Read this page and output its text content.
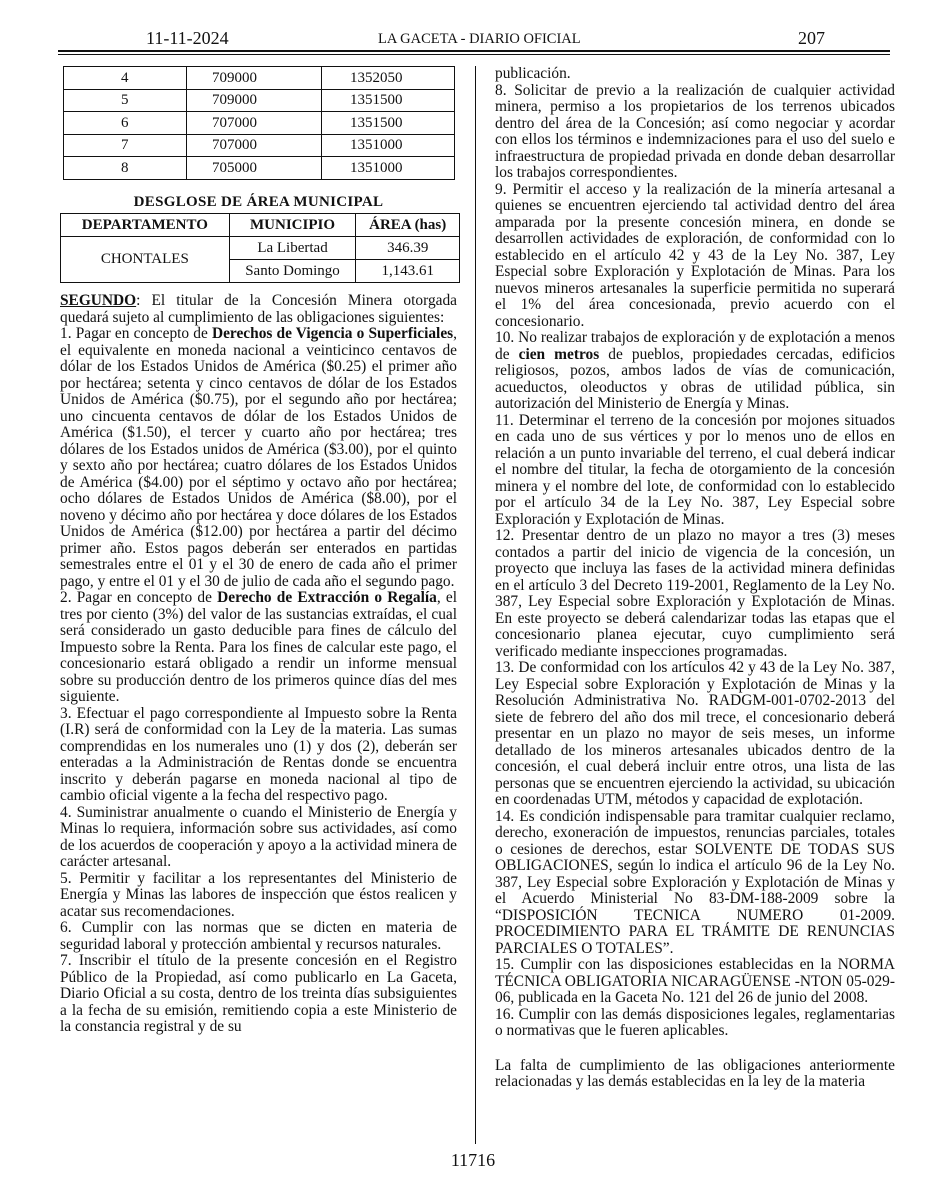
11-11-2024	LA GACETA - DIARIO OFICIAL	207
4	709000	1352050
5	709000	1351500
6	707000	1351500
7	707000	1351000
8	705000	1351000
DESGLOSE DE ÁREA MUNICIPAL
DEPARTAMENTO	MUNICIPIO	ÁREA (has)
CHONTALES	La Libertad	346.39
	Santo Domingo	1,143.61

SEGUNDO: El titular de la Concesión Minera otorgada quedará sujeto al cumplimiento de las obligaciones siguientes:

1. Pagar en concepto de Derechos de Vigencia o Superficiales, el equivalente en moneda nacional a veinticinco centavos de dólar de los Estados Unidos de América ($0.25) el primer año por hectárea; setenta y cinco centavos de dólar de los Estados Unidos de América ($0.75), por el segundo año por hectárea; uno cincuenta centavos de dólar de los Estados Unidos de América ($1.50), el tercer y cuarto año por hectárea; tres dólares de los Estados unidos de América ($3.00), por el quinto y sexto año por hectárea; cuatro dólares de los Estados Unidos de América ($4.00) por el séptimo y octavo año por hectárea; ocho dólares de Estados Unidos de América ($8.00), por el noveno y décimo año por hectárea y doce dólares de los Estados Unidos de América ($12.00) por hectárea a partir del décimo primer año. Estos pagos deberán ser enterados en partidas semestrales entre el 01 y el 30 de enero de cada año el primer pago, y entre el 01 y el 30 de julio de cada año el segundo pago.

2. Pagar en concepto de Derecho de Extracción o Regalía, el tres por ciento (3%) del valor de las sustancias extraídas, el cual será considerado un gasto deducible para fines de cálculo del Impuesto sobre la Renta. Para los fines de calcular este pago, el concesionario estará obligado a rendir un informe mensual sobre su producción dentro de los primeros quince días del mes siguiente.

3. Efectuar el pago correspondiente al Impuesto sobre la Renta (I.R) será de conformidad con la Ley de la materia. Las sumas comprendidas en los numerales uno (1) y dos (2), deberán ser enteradas a la Administración de Rentas donde se encuentra inscrito y deberán pagarse en moneda nacional al tipo de cambio oficial vigente a la fecha del respectivo pago.

4. Suministrar anualmente o cuando el Ministerio de Energía y Minas lo requiera, información sobre sus actividades, así como de los acuerdos de cooperación y apoyo a la actividad minera de carácter artesanal.

5. Permitir y facilitar a los representantes del Ministerio de Energía y Minas las labores de inspección que éstos realicen y acatar sus recomendaciones.

6. Cumplir con las normas que se dicten en materia de seguridad laboral y protección ambiental y recursos naturales.

7. Inscribir el título de la presente concesión en el Registro Público de la Propiedad, así como publicarlo en La Gaceta, Diario Oficial a su costa, dentro de los treinta días subsiguientes a la fecha de su emisión, remitiendo copia a este Ministerio de la constancia registral y de su

publicación.

8. Solicitar de previo a la realización de cualquier actividad minera, permiso a los propietarios de los terrenos ubicados dentro del área de la Concesión; así como negociar y acordar con ellos los términos e indemnizaciones para el uso del suelo e infraestructura de propiedad privada en donde deban desarrollar los trabajos correspondientes.

9. Permitir el acceso y la realización de la minería artesanal a quienes se encuentren ejerciendo tal actividad dentro del área amparada por la presente concesión minera, en donde se desarrollen actividades de exploración, de conformidad con lo establecido en el artículo 42 y 43 de la Ley No. 387, Ley Especial sobre Exploración y Explotación de Minas. Para los nuevos mineros artesanales la superficie permitida no superará el 1% del área concesionada, previo acuerdo con el concesionario.

10. No realizar trabajos de exploración y de explotación a menos de cien metros de pueblos, propiedades cercadas, edificios religiosos, pozos, ambos lados de vías de comunicación, acueductos, oleoductos y obras de utilidad pública, sin autorización del Ministerio de Energía y Minas.

11. Determinar el terreno de la concesión por mojones situados en cada uno de sus vértices y por lo menos uno de ellos en relación a un punto invariable del terreno, el cual deberá indicar el nombre del titular, la fecha de otorgamiento de la concesión minera y el nombre del lote, de conformidad con lo establecido por el artículo 34 de la Ley No. 387, Ley Especial sobre Exploración y Explotación de Minas.

12. Presentar dentro de un plazo no mayor a tres (3) meses contados a partir del inicio de vigencia de la concesión, un proyecto que incluya las fases de la actividad minera definidas en el artículo 3 del Decreto 119-2001, Reglamento de la Ley No. 387, Ley Especial sobre Exploración y Explotación de Minas. En este proyecto se deberá calendarizar todas las etapas que el concesionario planea ejecutar, cuyo cumplimiento será verificado mediante inspecciones programadas.

13. De conformidad con los artículos 42 y 43 de la Ley No. 387, Ley Especial sobre Exploración y Explotación de Minas y la Resolución Administrativa No. RADGM-001-0702-2013 del siete de febrero del año dos mil trece, el concesionario deberá presentar en un plazo no mayor de seis meses, un informe detallado de los mineros artesanales ubicados dentro de la concesión, el cual deberá incluir entre otros, una lista de las personas que se encuentren ejerciendo la actividad, su ubicación en coordenadas UTM, métodos y capacidad de explotación.

14. Es condición indispensable para tramitar cualquier reclamo, derecho, exoneración de impuestos, renuncias parciales, totales o cesiones de derechos, estar SOLVENTE DE TODAS SUS OBLIGACIONES, según lo indica el artículo 96 de la Ley No. 387, Ley Especial sobre Exploración y Explotación de Minas y el Acuerdo Ministerial No 83-DM-188-2009 sobre la “DISPOSICIÓN TECNICA NUMERO 01-2009. PROCEDIMIENTO PARA EL TRÁMITE DE RENUNCIAS PARCIALES O TOTALES”.

15. Cumplir con las disposiciones establecidas en la NORMA TÉCNICA OBLIGATORIA NICARAGÜENSE -NTON 05-029-06, publicada en la Gaceta No. 121 del 26 de junio del 2008.

16. Cumplir con las demás disposiciones legales, reglamentarias o normativas que le fueren aplicables.

La falta de cumplimiento de las obligaciones anteriormente relacionadas y las demás establecidas en la ley de la materia

11716
